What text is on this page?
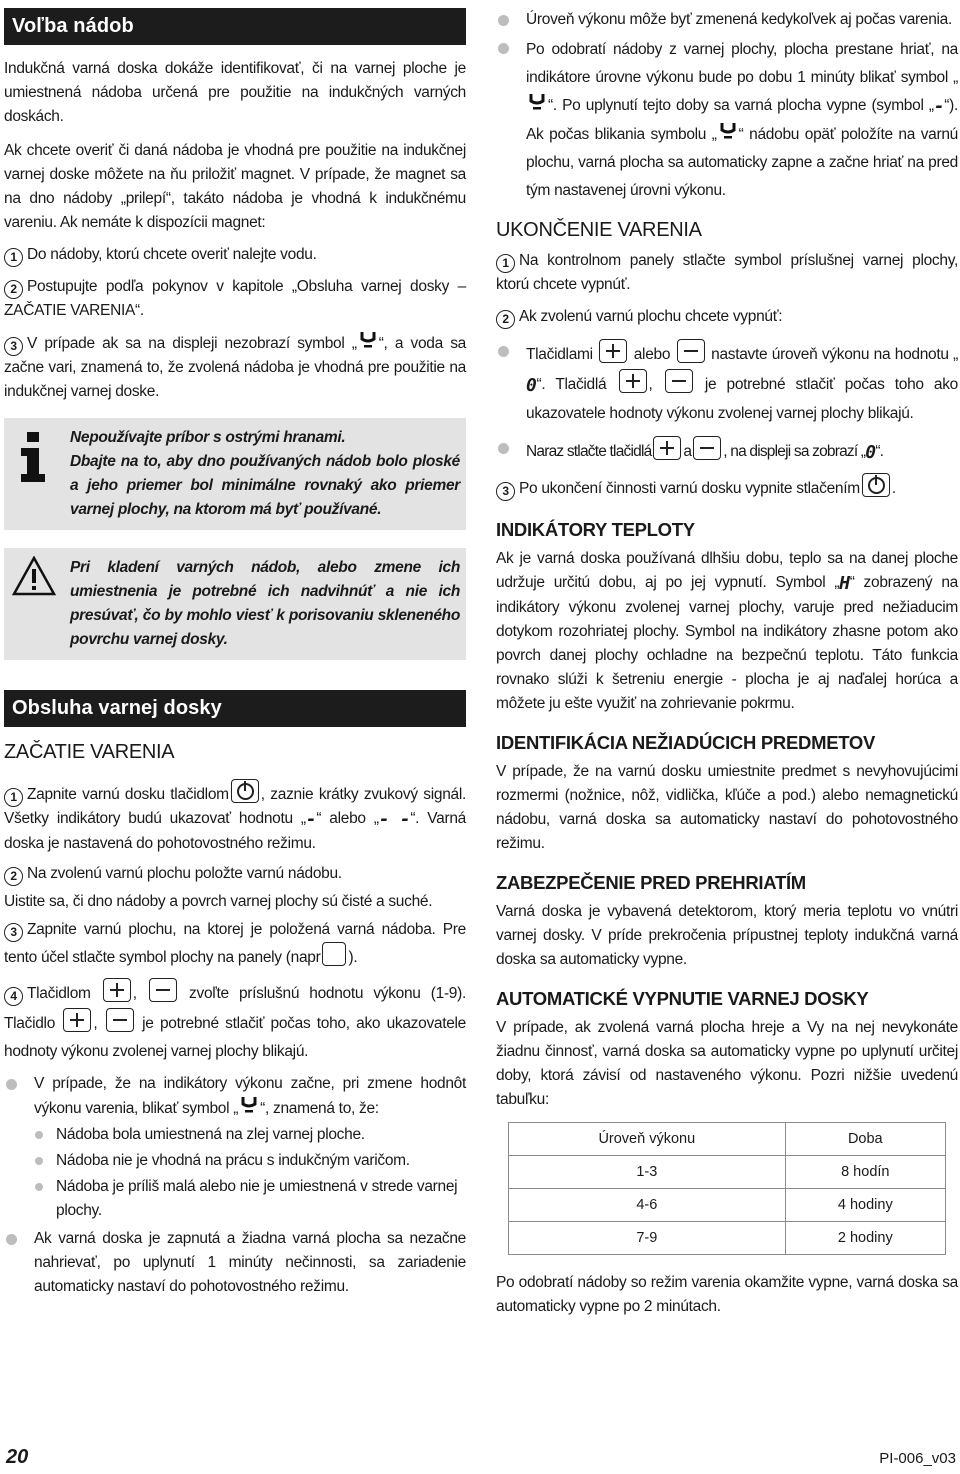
Voľba nádob

Indukčná varná doska dokáže identifikovať, či na varnej ploche je umiestnená nádoba určená pre použitie na indukčných varných doskách.

Ak chcete overiť či daná nádoba je vhodná pre použitie na indukčnej varnej doske môžete na ňu priložiť magnet. V prípade, že magnet sa na dno nádoby „prilepí“, takáto nádoba je vhodná k indukčnému vareniu. Ak nemáte k dispozícii magnet:

1 Do nádoby, ktorú chcete overiť nalejte vodu.

2 Postupujte podľa pokynov v kapitole „Obsluha varnej dosky – ZAČATIE VARENIA“.

3 V prípade ak sa na displeji nezobrazí symbol „ “, a voda sa začne vari, znamená to, že zvolená nádoba je vhodná pre použitie na indukčnej varnej doske.

Nepoužívajte príbor s ostrými hranami.

Dbajte na to, aby dno používaných nádob bolo ploské a jeho priemer bol minimálne rovnaký ako priemer varnej plochy, na ktorom má byť používané.

Pri kladení varných nádob, alebo zmene ich umiestnenia je potrebné ich nadvihnúť a nie ich presúvať, čo by mohlo viesť k porisovaniu skleneného povrchu varnej dosky.

Obsluha varnej dosky

ZAČATIE VARENIA

1 Zapnite varnú dosku tlačidlom , zaznie krátky zvukový signál. Všetky indikátory budú ukazovať hodnotu „-“ alebo „- -“. Varná doska je nastavená do pohotovostného režimu.

2 Na zvolenú varnú plochu položte varnú nádobu.

Uistite sa, či dno nádoby a povrch varnej plochy sú čisté a suché.

3 Zapnite varnú plochu, na ktorej je položená varná nádoba. Pre tento účel stlačte symbol plochy na panely (napr ).

4 Tlačidlom	,	zvoľte príslušnú hodnotu výkonu (1-9). Tlačidlo ,  je potrebné stlačiť počas toho, ako ukazovatele hodnoty výkonu zvolenej varnej plochy blikajú.

V prípade, že na indikátory výkonu začne, pri zmene hodnôt výkonu varenia, blikať symbol „ “, znamená to, že:

Nádoba bola umiestnená na zlej varnej ploche.

Nádoba nie je vhodná na prácu s indukčným varičom.

Nádoba je príliš malá alebo nie je umiestnená v strede varnej plochy.

Ak varná doska je zapnutá a žiadna varná plocha sa nezačne nahrievať, po uplynutí 1 minúty nečinnosti, sa zariadenie automaticky nastaví do pohotovostného režimu.

Úroveň výkonu môže byť zmenená kedykoľvek aj počas varenia.

Po odobratí nádoby z varnej plochy, plocha prestane hriať, na indikátore úrovne výkonu bude po dobu 1 minúty blikať symbol „“. Po uplynutí tejto doby sa varná plocha vypne (symbol „-“). Ak počas blikania symbolu „ “ nádobu opäť položíte na varnú plochu, varná plocha sa automaticky zapne a začne hriať na pred tým nastavenej úrovni výkonu.

UKONČENIE VARENIA

1 Na kontrolnom panely stlačte symbol príslušnej varnej plochy, ktorú chcete vypnúť.

2 Ak zvolenú varnú plochu chcete vypnúť:

Tlačidlami	alebo	nastavte úroveň výkonu na hodnotu „0“. Tlačidlá	,	je potrebné stlačiť počas toho ako ukazovatele hodnoty výkonu zvolenej varnej plochy blikajú.

Naraz stlačte tlačidlá a , na displeji sa zobrazí „0“.

3 Po ukončení činnosti varnú dosku vypnite stlačením .

INDIKÁTORY TEPLOTY

Ak je varná doska používaná dlhšiu dobu, teplo sa na danej ploche udržuje určitú dobu, aj po jej vypnutí. Symbol „H“ zobrazený na indikátory výkonu zvolenej varnej plochy, varuje pred nežiaducim dotykom rozohriatej plochy. Symbol na indikátory zhasne potom ako povrch danej plochy ochladne na bezpečnú teplotu. Táto funkcia rovnako slúži k šetreniu energie - plocha je aj naďalej horúca a môžete ju ešte využiť na zohrievanie pokrmu.

IDENTIFIKÁCIA NEŽIADÚCICH PREDMETOV

V prípade, že na varnú dosku umiestnite predmet s nevyhovujúcimi rozmermi (nožnice, nôž, vidlička, kľúče a pod.) alebo nemagnetickú nádobu, varná doska sa automaticky nastaví do pohotovostného režimu.

ZABEZPEČENIE PRED PREHRIATÍM

Varná doska je vybavená detektorom, ktorý meria teplotu vo vnútri varnej dosky. V príde prekročenia prípustnej teploty indukčná varná doska sa automaticky vypne.

AUTOMATICKÉ VYPNUTIE VARNEJ DOSKY

V prípade, ak zvolená varná plocha hreje a Vy na nej nevykonáte žiadnu činnosť, varná doska sa automaticky vypne po uplynutí určitej doby, ktorá závisí od nastaveného výkonu. Pozri nižšie uvedenú tabuľku:

Úroveň výkonu	Doba
1-3	8 hodín
4-6	4 hodiny
7-9	2 hodiny

Po odobratí nádoby so režim varenia okamžite vypne, varná doska sa automaticky vypne po 2 minútach.

20	PI-006_v03
